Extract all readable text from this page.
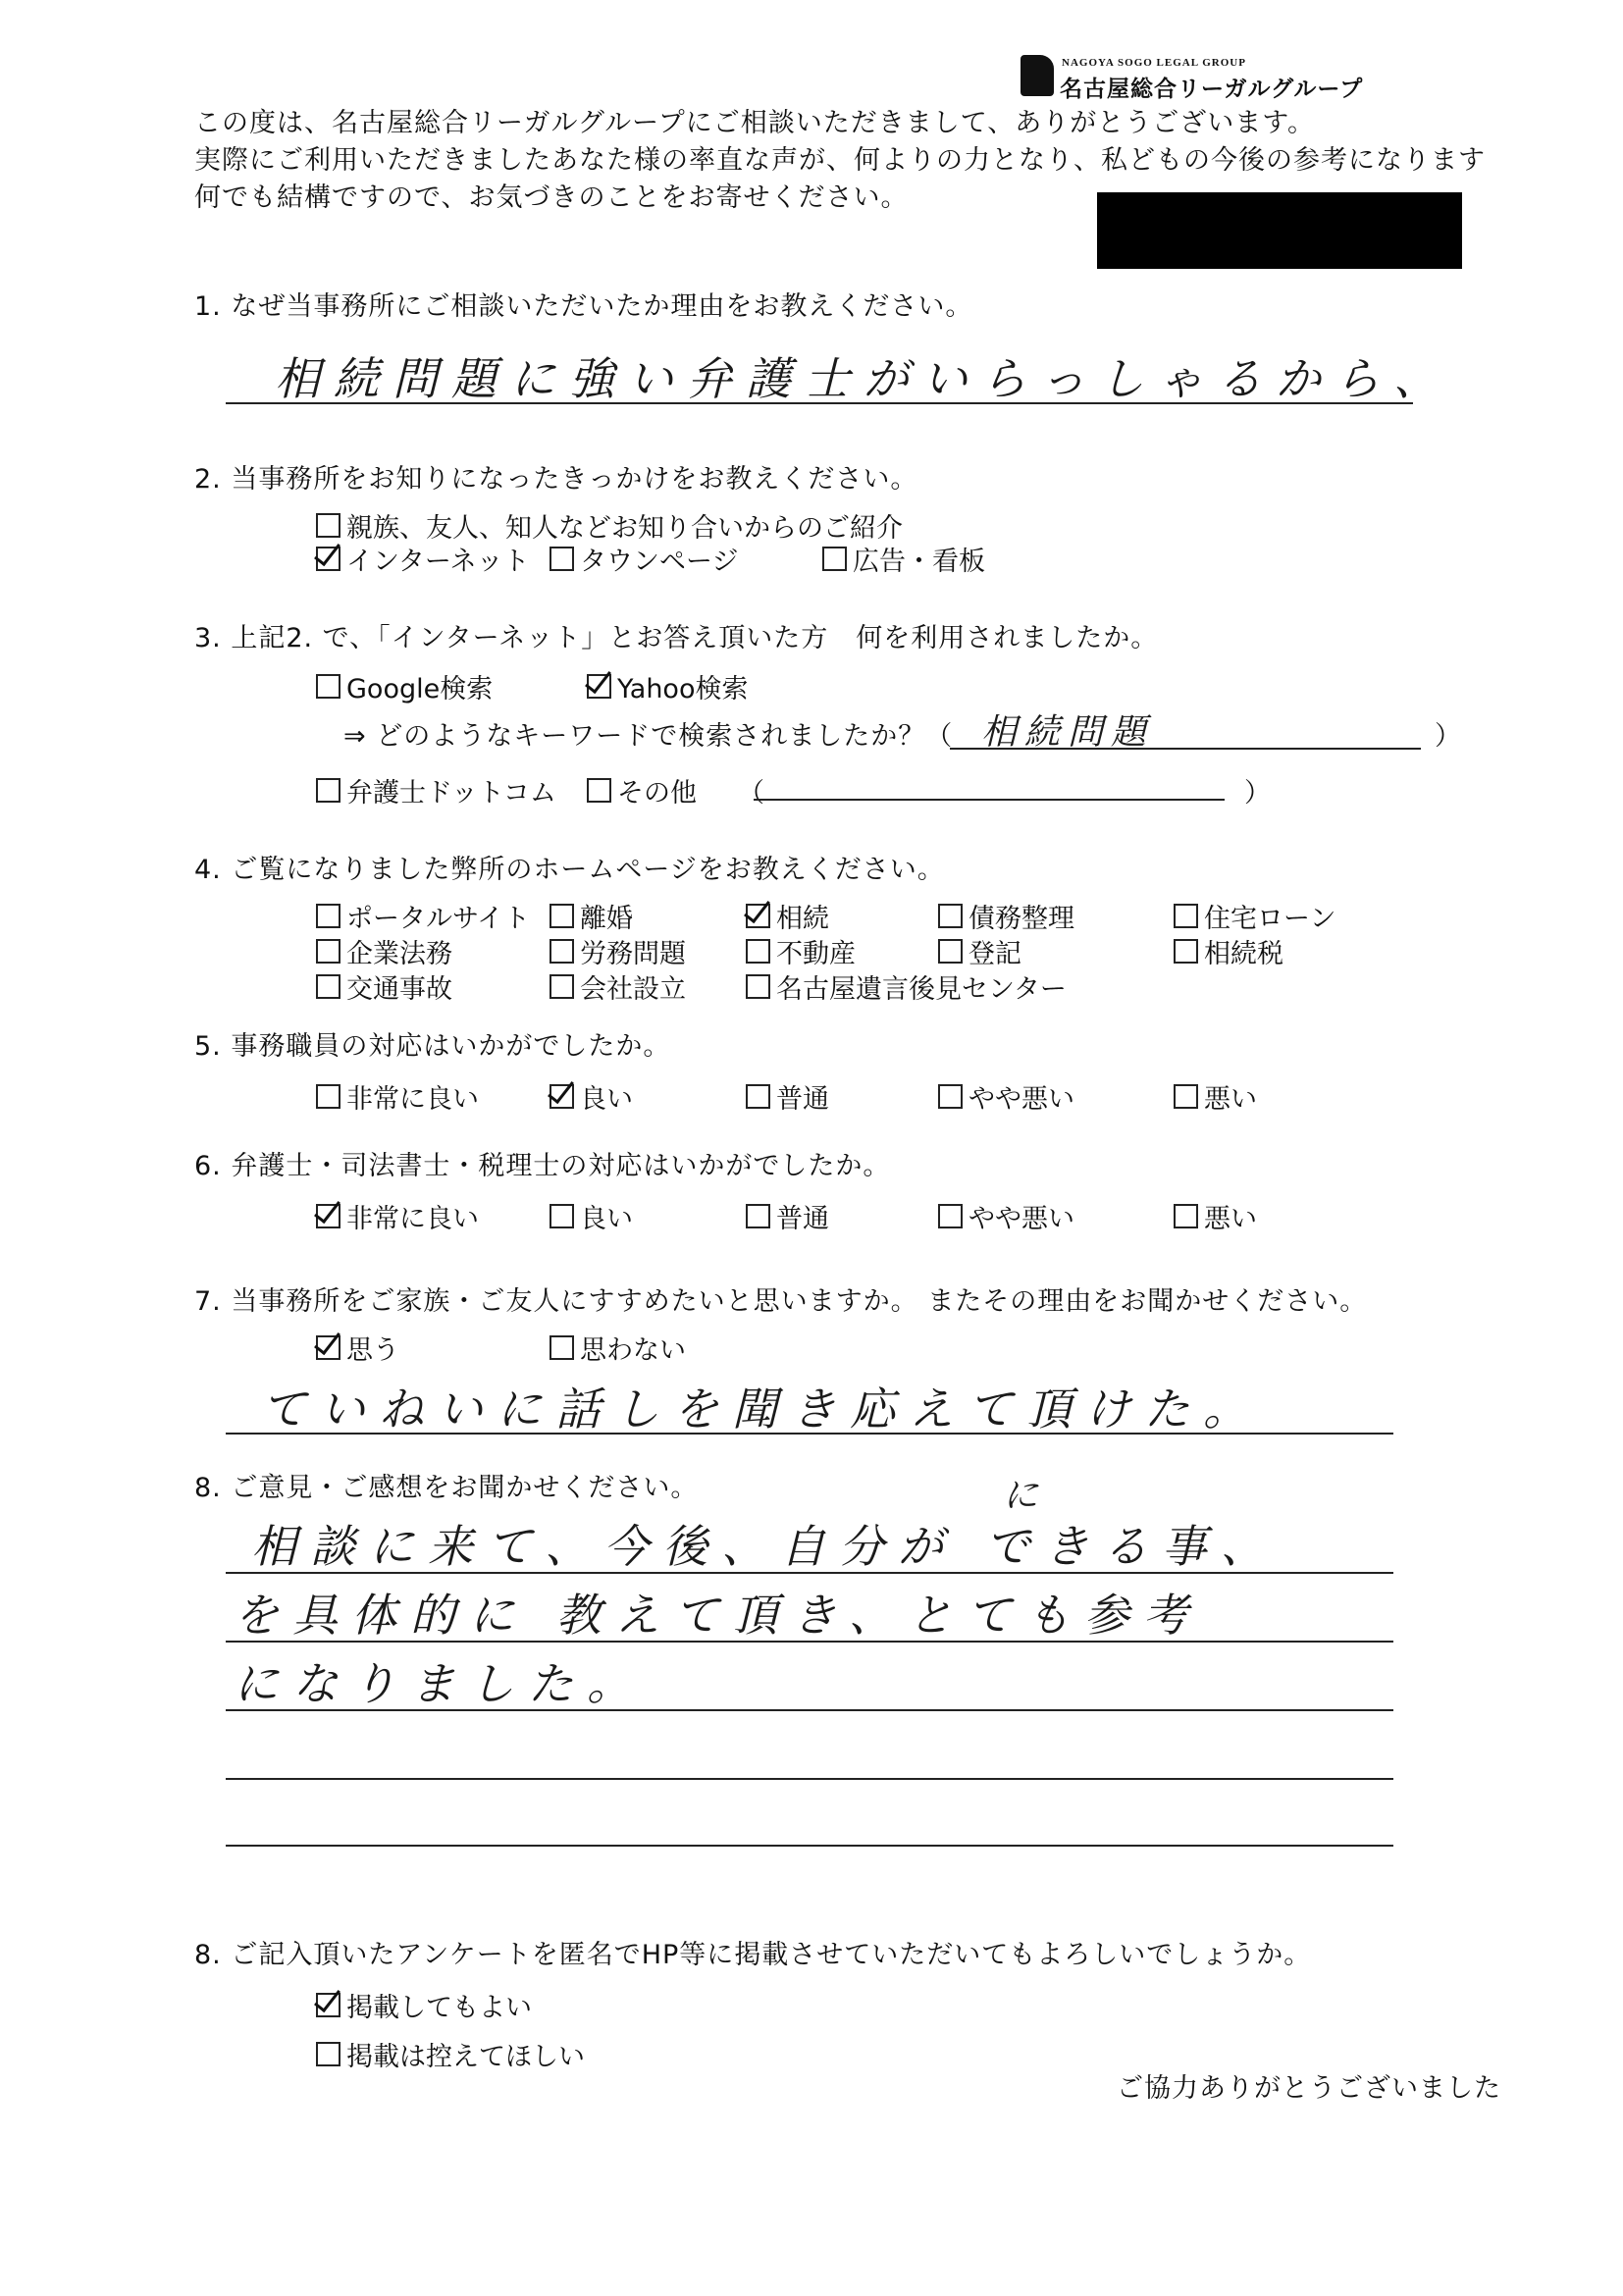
NAGOYA SOGO LEGAL GROUP
名古屋総合リーガルグループ
この度は、名古屋総合リーガルグループにご相談いただきまして、ありがとうございます。
実際にご利用いただきましたあなた様の率直な声が、何よりの力となり、私どもの今後の参考になります
何でも結構ですので、お気づきのことをお寄せください。
1. なぜ当事務所にご相談いただいたか理由をお教えください。
相続問題に強い弁護士がいらっしゃるから、
2. 当事務所をお知りになったきっかけをお教えください。
親族、友人、知人などお知り合いからのご紹介
インターネット タウンページ	広告・看板
3. 上記2. で、「インターネット」とお答え頂いた方　何を利用されましたか。
Google検索	Yahoo検索
⇒ どのようなキーワードで検索されましたか？（ 相続問題	）
弁護士ドットコム その他 （	）
4. ご覧になりました弊所のホームページをお教えください。
ポータルサイト 離婚	相続	債務整理	住宅ローン
企業法務	労務問題	不動産	登記	相続税
交通事故	会社設立	名古屋遺言後見センター
5. 事務職員の対応はいかがでしたか。
非常に良い	良い	普通	やや悪い	悪い
6. 弁護士・司法書士・税理士の対応はいかがでしたか。
非常に良い	良い	普通	やや悪い	悪い
7. 当事務所をご家族・ご友人にすすめたいと思いますか。 またその理由をお聞かせください。
思う	思わない
ていねいに話しを聞き応えて頂けた。
8. ご意見・ご感想をお聞かせください。	に
相談に来て、今後、自分が できる事、
を具体的に 教えて頂き、とても参考
になりました。
8. ご記入頂いたアンケートを匿名でHP等に掲載させていただいてもよろしいでしょうか。
掲載してもよい
掲載は控えてほしい
ご協力ありがとうございました
